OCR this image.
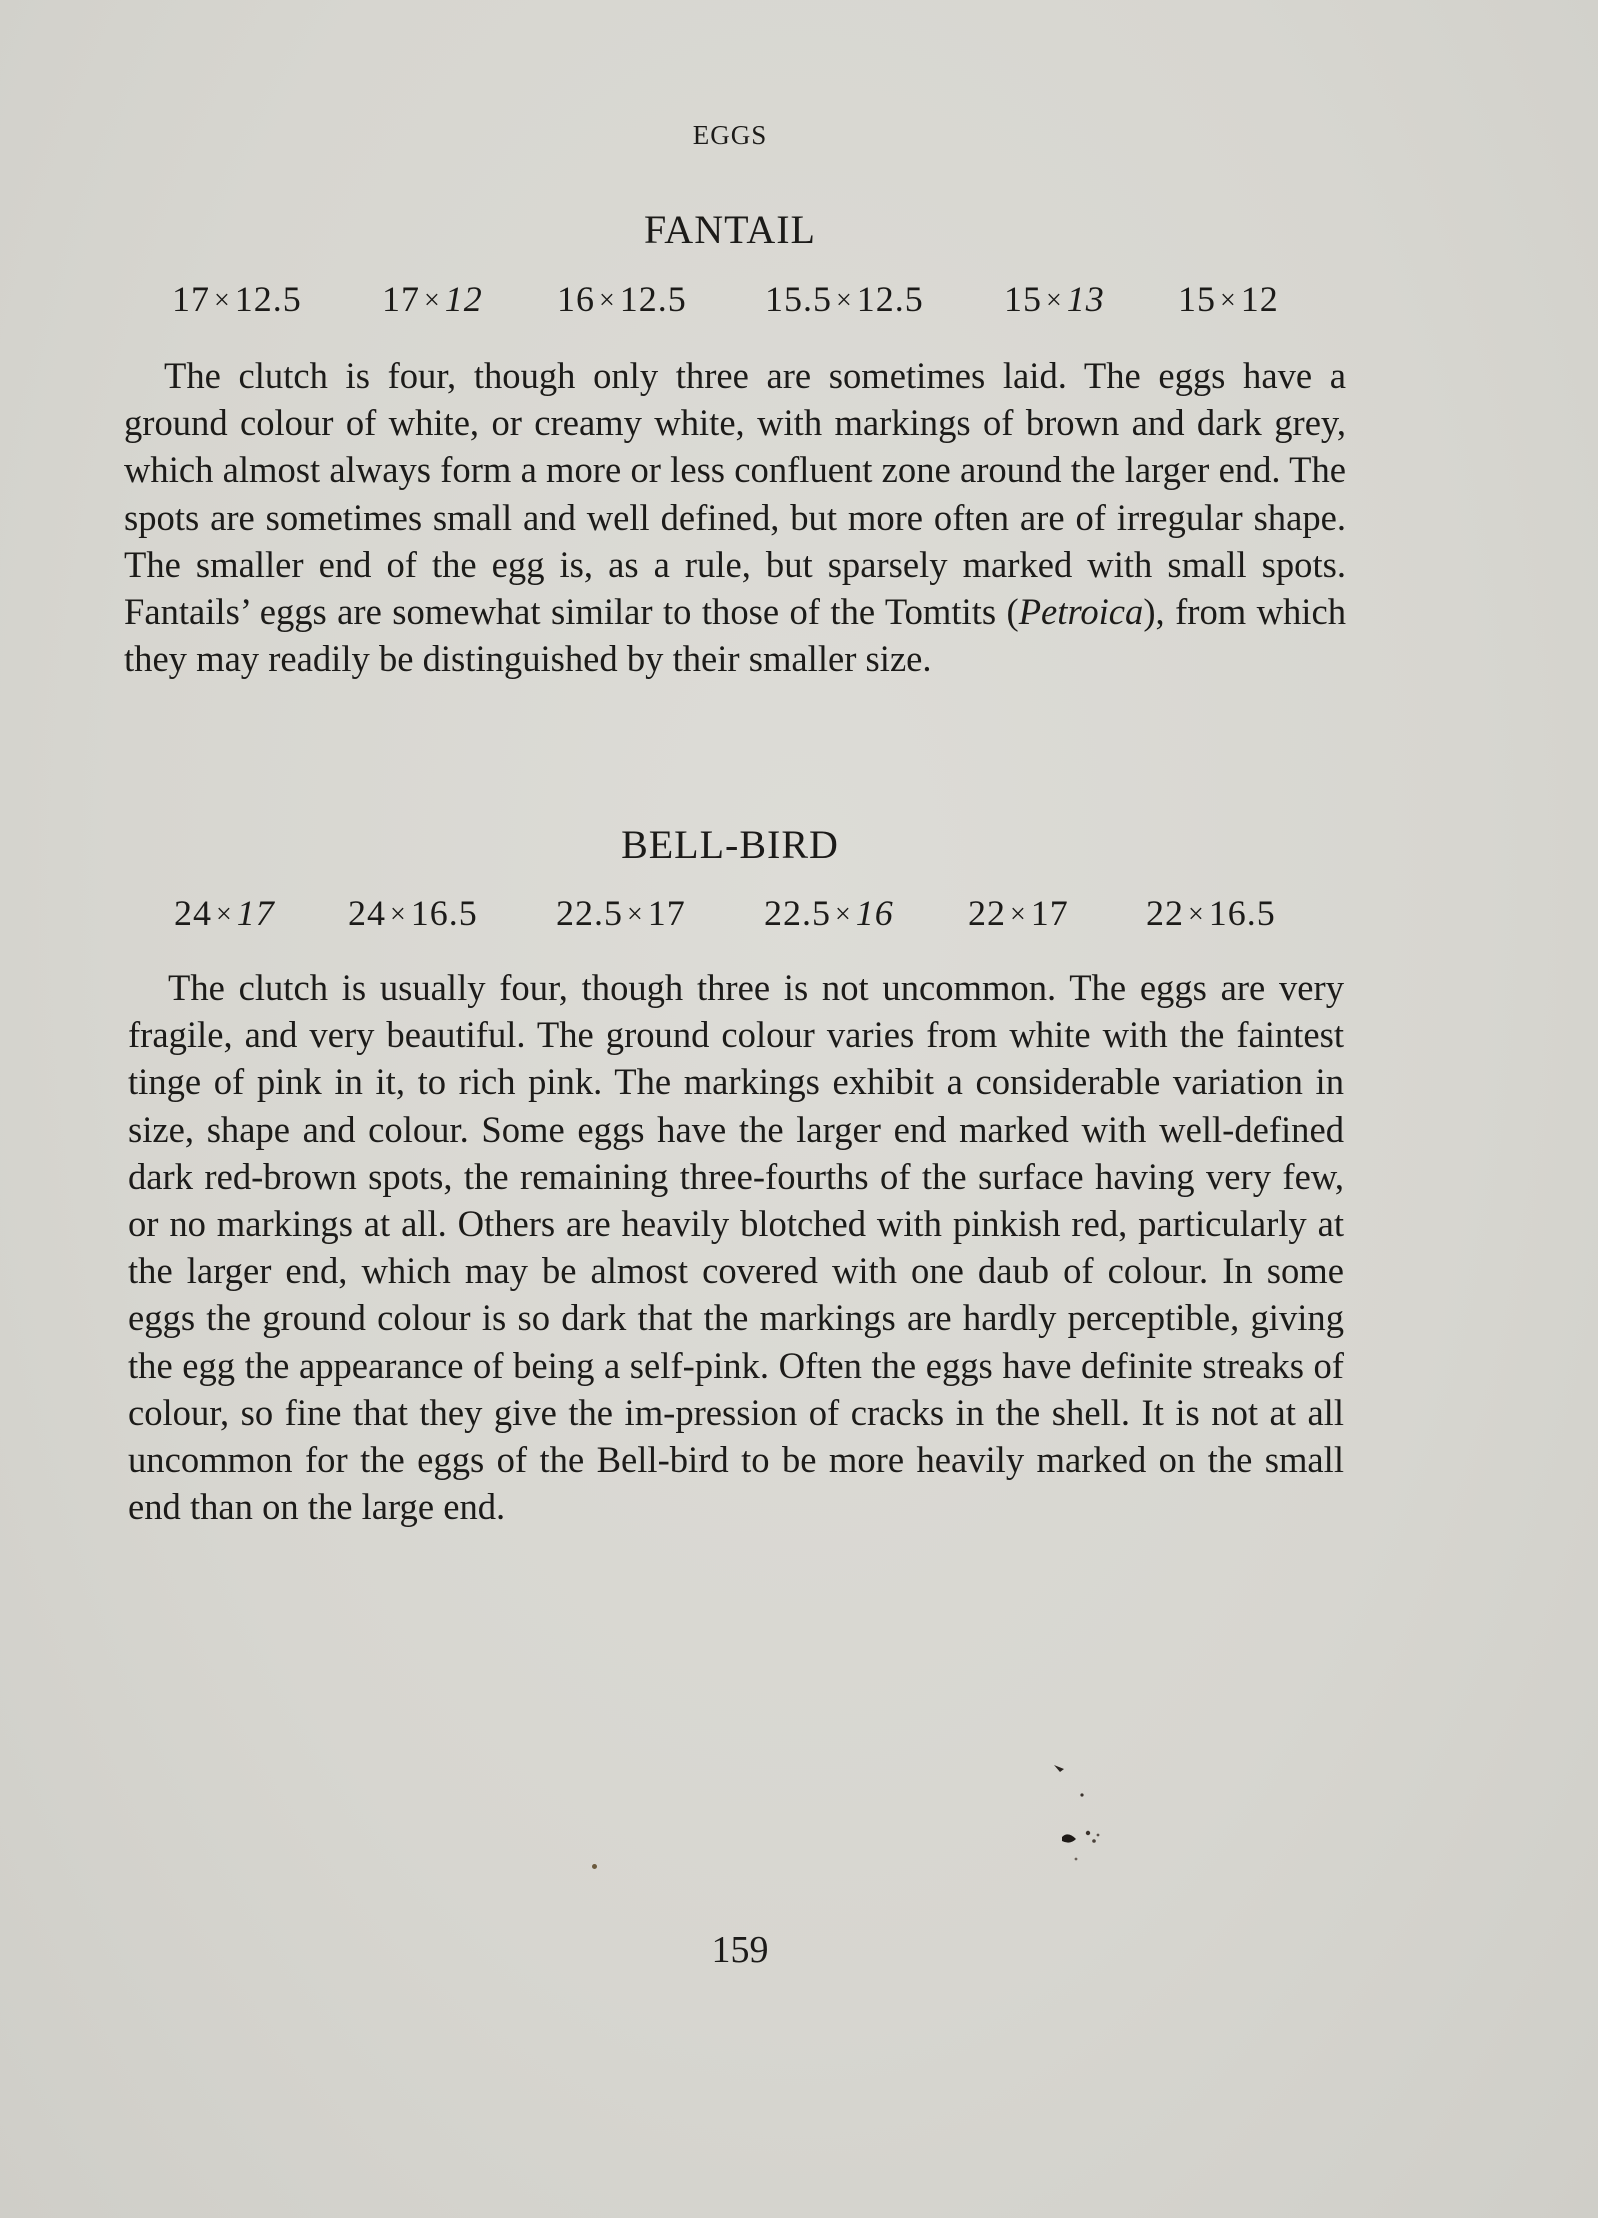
EGGS
FANTAIL
17 × 12.5 17 × 12 16 × 12.5 15.5 × 12.5 15 × 13 15 × 12

The clutch is four, though only three are sometimes laid. The eggs have a ground colour of white, or creamy white, with markings of brown and dark grey, which almost always form a more or less confluent zone around the larger end. The spots are sometimes small and well defined, but more often are of irregular shape. The smaller end of the egg is, as a rule, but sparsely marked with small spots. Fantails’ eggs are somewhat similar to those of the Tomtits (Petroica), from which they may readily be distinguished by their smaller size.

BELL-BIRD
24 × 17 24 × 16.5 22.5 × 17 22.5 × 16 22 × 17 22 × 16.5

The clutch is usually four, though three is not uncommon. The eggs are very fragile, and very beautiful. The ground colour varies from white with the faintest tinge of pink in it, to rich pink. The markings exhibit a considerable variation in size, shape and colour. Some eggs have the larger end marked with well-defined dark red-brown spots, the remaining three-fourths of the surface having very few, or no markings at all. Others are heavily blotched with pinkish red, particularly at the larger end, which may be almost covered with one daub of colour. In some eggs the ground colour is so dark that the markings are hardly perceptible, giving the egg the appearance of being a self-pink. Often the eggs have definite streaks of colour, so fine that they give the im-pression of cracks in the shell. It is not at all uncommon for the eggs of the Bell-bird to be more heavily marked on the small end than on the large end.

159
